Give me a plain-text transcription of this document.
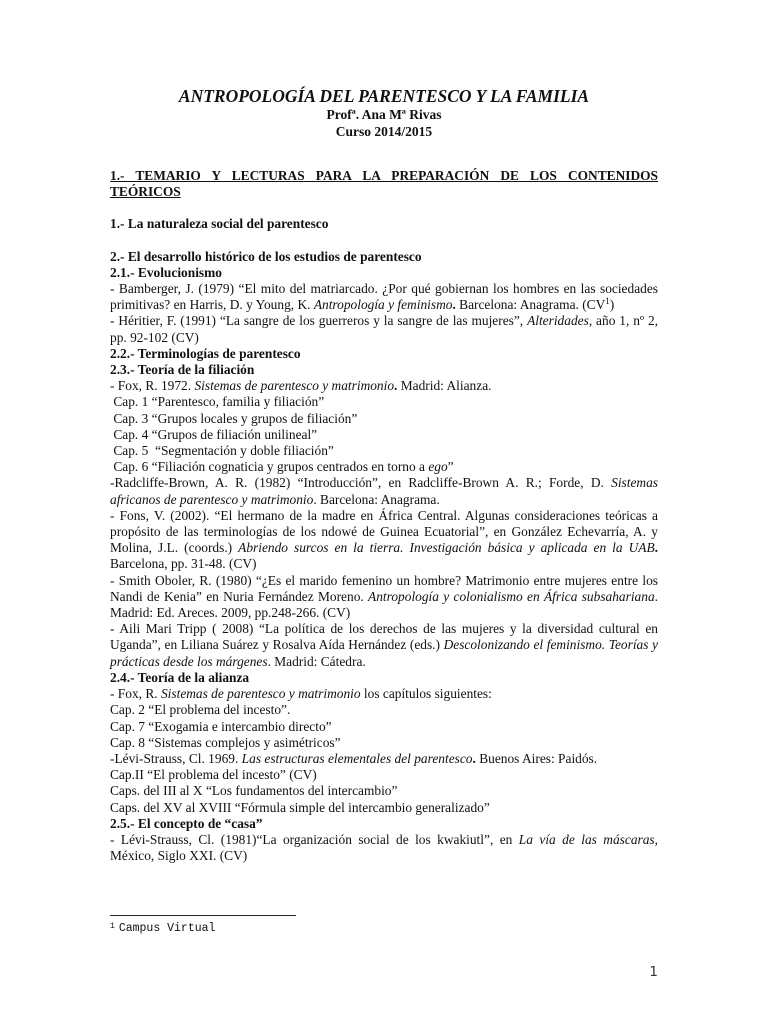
ANTROPOLOGÍA DEL PARENTESCO Y LA FAMILIA
Profª. Ana Mª Rivas
Curso 2014/2015

1.- TEMARIO Y LECTURAS PARA LA PREPARACIÓN DE LOS CONTENIDOS TEÓRICOS

1.- La naturaleza social del parentesco

2.- El desarrollo histórico de los estudios de parentesco

2.1.- Evolucionismo

- Bamberger, J. (1979) “El mito del matriarcado. ¿Por qué gobiernan los hombres en las sociedades primitivas? en Harris, D. y Young, K. Antropología y feminismo. Barcelona: Anagrama. (CV$^1$)

- Héritier, F. (1991) “La sangre de los guerreros y la sangre de las mujeres”, Alteridades, año 1, nº 2, pp. 92-102 (CV)

2.2.- Terminologías de parentesco

2.3.- Teoría de la filiación

- Fox, R. 1972. Sistemas de parentesco y matrimonio. Madrid: Alianza.

Cap. 1 “Parentesco, familia y filiación”

Cap. 3 “Grupos locales y grupos de filiación”

Cap. 4 “Grupos de filiación unilineal”

Cap. 5  “Segmentación y doble filiación”

Cap. 6 “Filiación cognaticia y grupos centrados en torno a ego”

-Radcliffe-Brown, A. R. (1982) “Introducción”, en Radcliffe-Brown A. R.; Forde, D. Sistemas africanos de parentesco y matrimonio. Barcelona: Anagrama.

- Fons, V. (2002). “El hermano de la madre en África Central. Algunas consideraciones teóricas a propósito de las terminologías de los ndowé de Guinea Ecuatorial”, en González Echevarría, A. y Molina, J.L. (coords.) Abriendo surcos en la tierra. Investigación básica y aplicada en la UAB. Barcelona, pp. 31-48. (CV)

- Smith Oboler, R. (1980) “¿Es el marido femenino un hombre? Matrimonio entre mujeres entre los Nandi de Kenia” en Nuria Fernández Moreno. Antropología y colonialismo en África subsahariana. Madrid: Ed. Areces. 2009, pp.248-266. (CV)

- Aili Mari Tripp ( 2008) “La política de los derechos de las mujeres y la diversidad cultural en Uganda”, en Liliana Suárez y Rosalva Aída Hernández (eds.) Descolonizando el feminismo. Teorías y prácticas desde los márgenes. Madrid: Cátedra.

2.4.- Teoría de la alianza

- Fox, R. Sistemas de parentesco y matrimonio los capítulos siguientes:

Cap. 2 “El problema del incesto”.

Cap. 7 “Exogamia e intercambio directo”

Cap. 8 “Sistemas complejos y asimétricos”

-Lévi-Strauss, Cl. 1969. Las estructuras elementales del parentesco. Buenos Aires: Paidós.

Cap.II “El problema del incesto” (CV)

Caps. del III al X “Los fundamentos del intercambio”

Caps. del XV al XVIII “Fórmula simple del intercambio generalizado”

2.5.- El concepto de “casa”

- Lévi-Strauss, Cl. (1981)“La organización social de los kwakiutl”, en La vía de las máscaras, México, Siglo XXI. (CV)

$^1$ Campus Virtual
1
